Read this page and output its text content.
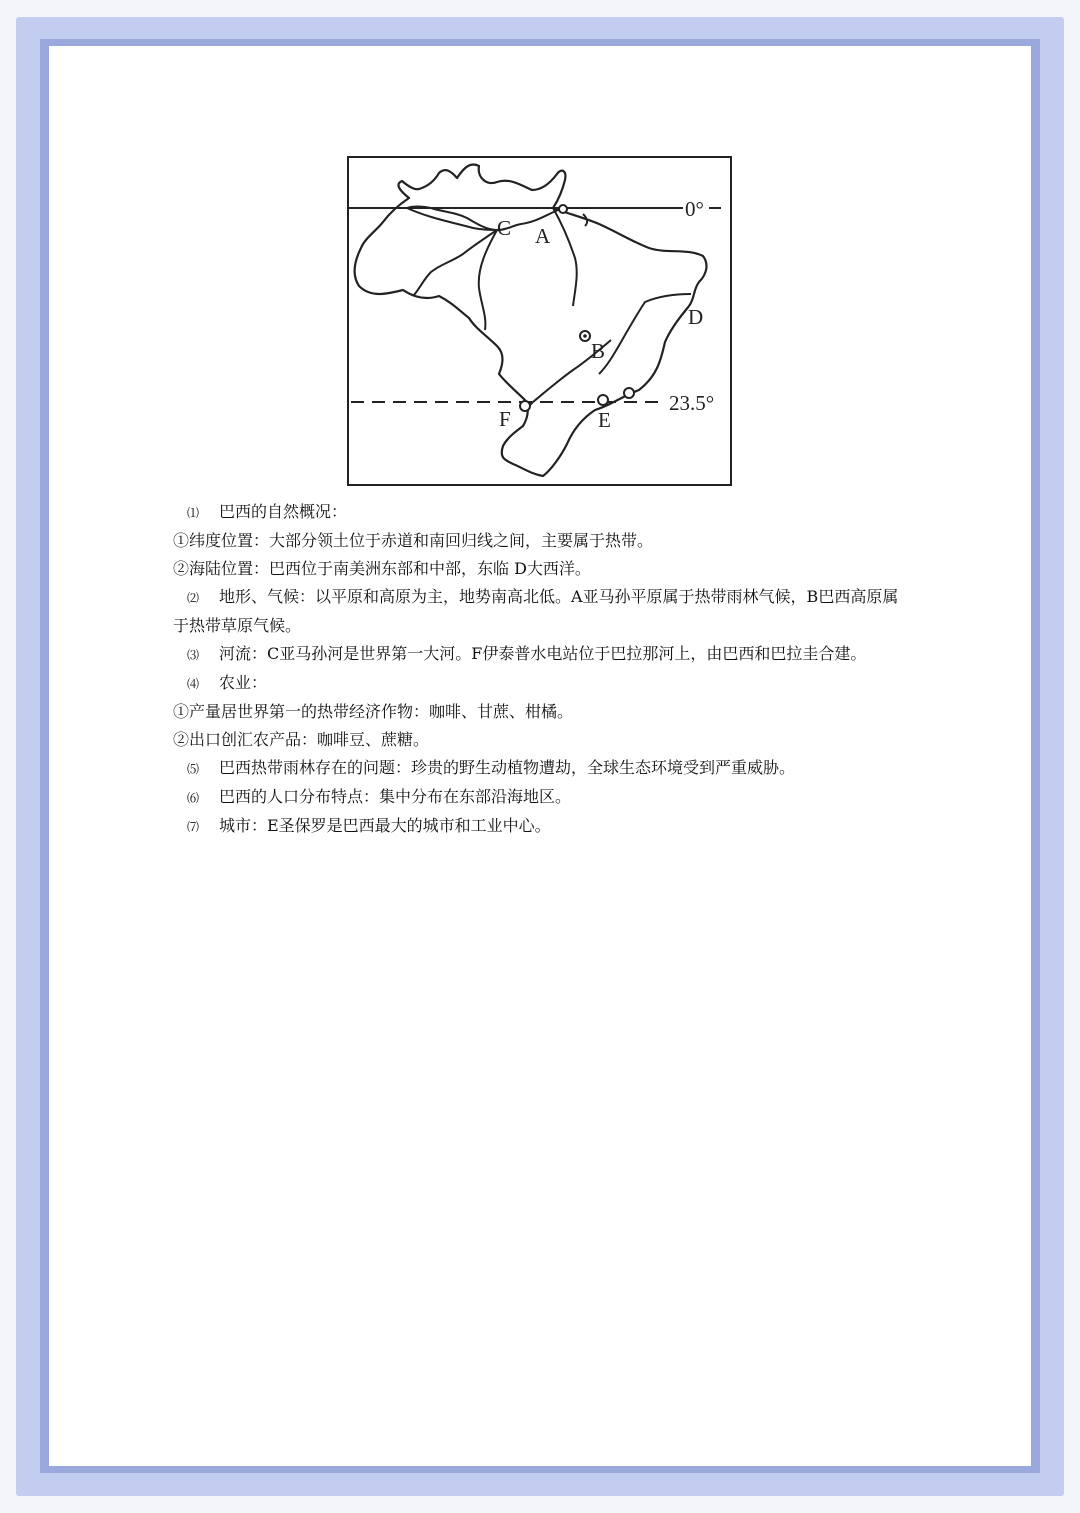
0°
23.5°
C A
B
D
F	E
⑴ 巴西的自然概况：
①纬度位置：大部分领土位于赤道和南回归线之间，主要属于热带。
②海陆位置：巴西位于南美洲东部和中部，东临 D大西洋。
⑵ 地形、气候：以平原和高原为主，地势南高北低。A亚马孙平原属于热带雨林气候，B巴西高原属于热带草原气候。
⑶ 河流：C亚马孙河是世界第一大河。F伊泰普水电站位于巴拉那河上，由巴西和巴拉圭合建。
⑷ 农业：
①产量居世界第一的热带经济作物：咖啡、甘蔗、柑橘。
②出口创汇农产品：咖啡豆、蔗糖。
⑸ 巴西热带雨林存在的问题：珍贵的野生动植物遭劫，全球生态环境受到严重威胁。
⑹ 巴西的人口分布特点：集中分布在东部沿海地区。
⑺ 城市：E圣保罗是巴西最大的城市和工业中心。
